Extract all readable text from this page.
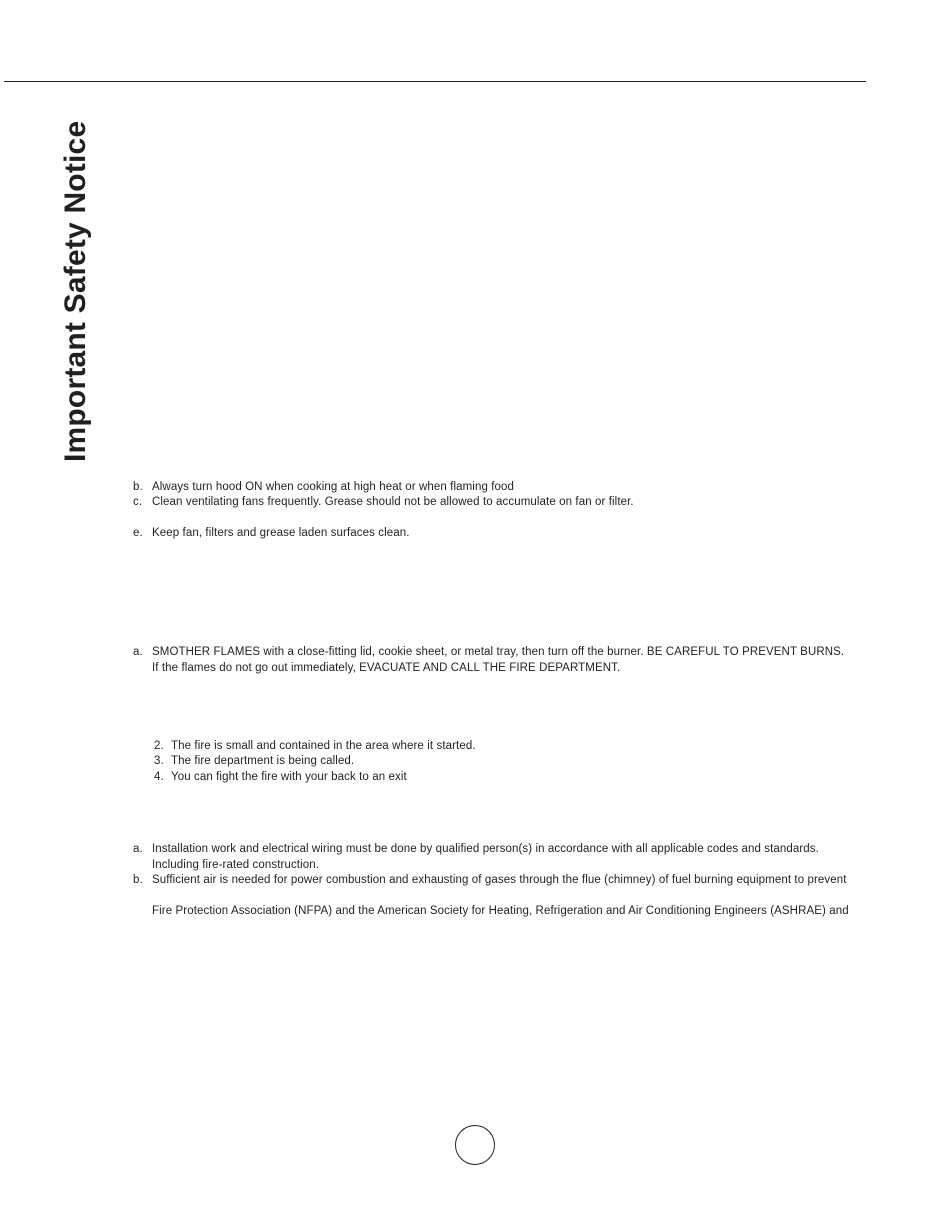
Important Safety Notice
b. Always turn hood ON when cooking at high heat or when flaming food
c. Clean ventilating fans frequently. Grease should not be allowed to accumulate on fan or filter.
e. Keep fan, filters and grease laden surfaces clean.
a. SMOTHER FLAMES with a close-fitting lid, cookie sheet, or metal tray, then turn off the burner. BE CAREFUL TO PREVENT BURNS.
If the flames do not go out immediately, EVACUATE AND CALL THE FIRE DEPARTMENT.
2. The fire is small and contained in the area where it started.
3. The fire department is being called.
4. You can fight the fire with your back to an exit
a. Installation work and electrical wiring must be done by qualified person(s) in accordance with all applicable codes and standards.
Including fire-rated construction.
b. Sufficient air is needed for power combustion and exhausting of gases through the flue (chimney) of fuel burning equipment to prevent
Fire Protection Association (NFPA) and the American Society for Heating, Refrigeration and Air Conditioning Engineers (ASHRAE) and
